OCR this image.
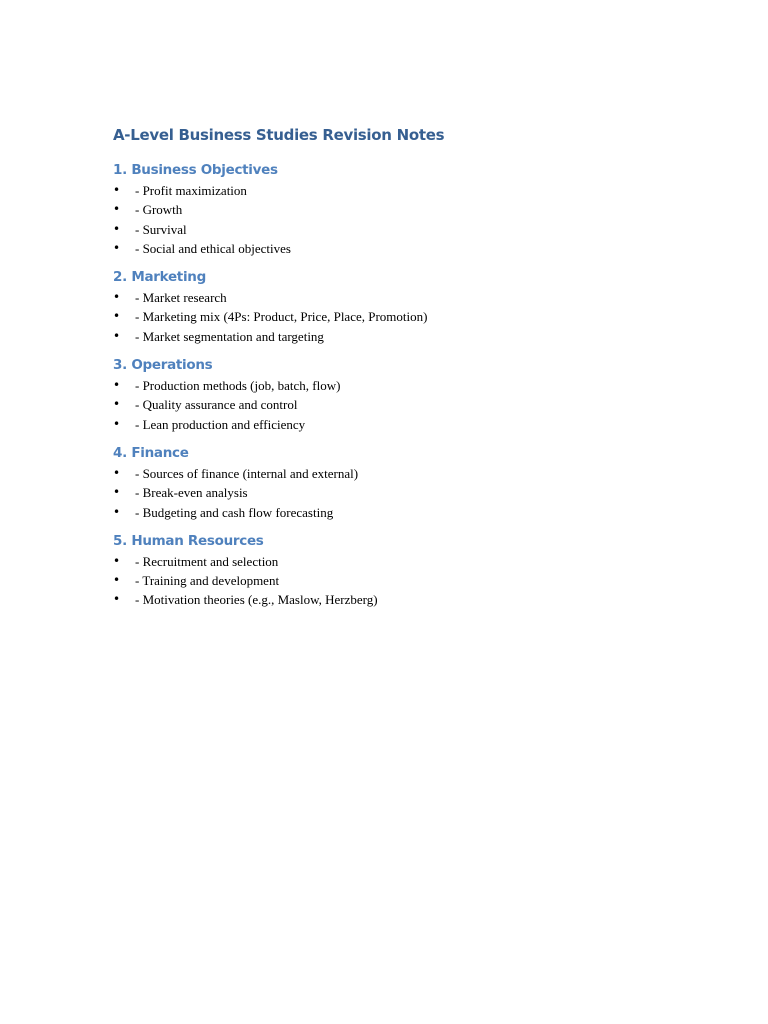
A-Level Business Studies Revision Notes
1. Business Objectives
•	- Profit maximization
•	- Growth
•	- Survival
•	- Social and ethical objectives
2. Marketing
•	- Market research
•	- Marketing mix (4Ps: Product, Price, Place, Promotion)
•	- Market segmentation and targeting
3. Operations
•	- Production methods (job, batch, flow)
•	- Quality assurance and control
•	- Lean production and efficiency
4. Finance
•	- Sources of finance (internal and external)
•	- Break-even analysis
•	- Budgeting and cash flow forecasting
5. Human Resources
•	- Recruitment and selection
•	- Training and development
•	- Motivation theories (e.g., Maslow, Herzberg)
